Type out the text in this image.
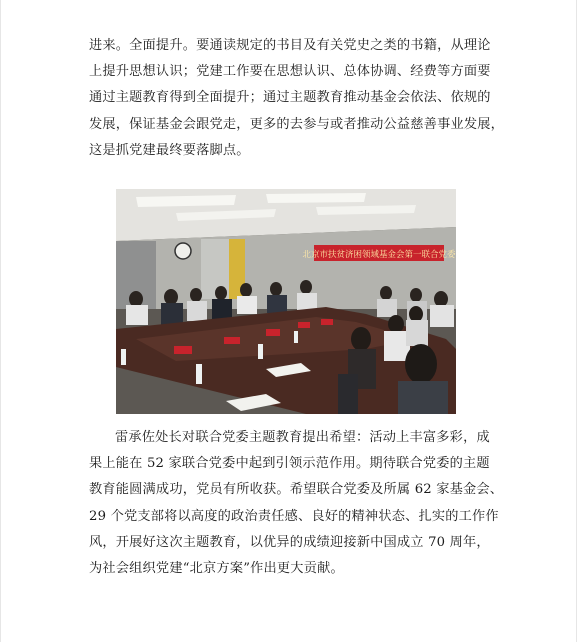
进来。全面提升。要通读规定的书目及有关党史之类的书籍，从理论
上提升思想认识；党建工作要在思想认识、总体协调、经费等方面要
通过主题教育得到全面提升；通过主题教育推动基金会依法、依规的
发展，保证基金会跟党走，更多的去参与或者推动公益慈善事业发展，
这是抓党建最终要落脚点。

北京市扶贫济困领域基金会第一联合党委

雷承佐处长对联合党委主题教育提出希望：活动上丰富多彩，成
果上能在 52 家联合党委中起到引领示范作用。期待联合党委的主题
教育能圆满成功，党员有所收获。希望联合党委及所属 62 家基金会、
29 个党支部将以高度的政治责任感、良好的精神状态、扎实的工作作
风，开展好这次主题教育，以优异的成绩迎接新中国成立 70 周年，
为社会组织党建“北京方案”作出更大贡献。
